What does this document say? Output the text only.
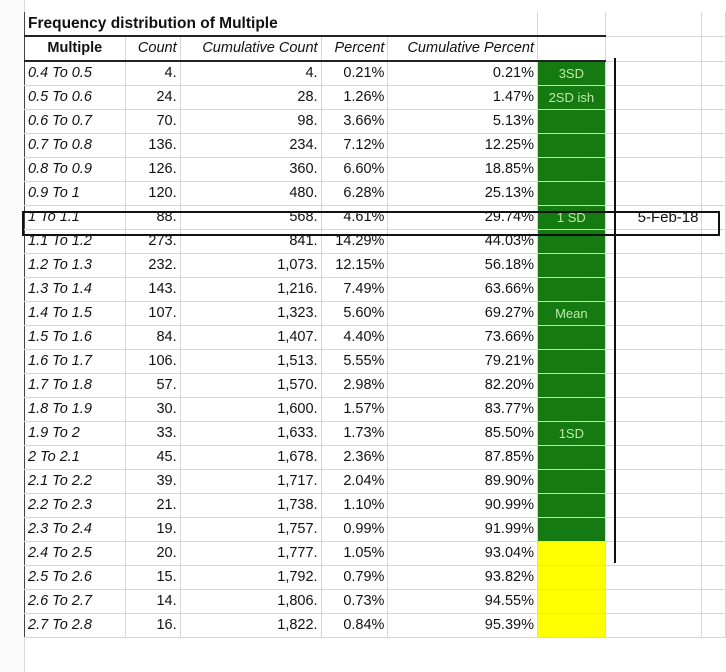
Frequency distribution of Multiple							
Multiple	Count	Cumulative Count	Percent	Cumulative Percent			
0.4 To 0.5	4.	4.	0.21%	0.21%	3SD		
0.5 To 0.6	24.	28.	1.26%	1.47%	2SD ish		
0.6 To 0.7	70.	98.	3.66%	5.13%			
0.7 To 0.8	136.	234.	7.12%	12.25%			
0.8 To 0.9	126.	360.	6.60%	18.85%			
0.9 To 1	120.	480.	6.28%	25.13%			
1 To 1.1	88.	568.	4.61%	29.74%	1 SD	5-Feb-18	
1.1 To 1.2	273.	841.	14.29%	44.03%			
1.2 To 1.3	232.	1,073.	12.15%	56.18%			
1.3 To 1.4	143.	1,216.	7.49%	63.66%			
1.4 To 1.5	107.	1,323.	5.60%	69.27%	Mean		
1.5 To 1.6	84.	1,407.	4.40%	73.66%			
1.6 To 1.7	106.	1,513.	5.55%	79.21%			
1.7 To 1.8	57.	1,570.	2.98%	82.20%			
1.8 To 1.9	30.	1,600.	1.57%	83.77%			
1.9 To 2	33.	1,633.	1.73%	85.50%	1SD		
2 To 2.1	45.	1,678.	2.36%	87.85%			
2.1 To 2.2	39.	1,717.	2.04%	89.90%			
2.2 To 2.3	21.	1,738.	1.10%	90.99%			
2.3 To 2.4	19.	1,757.	0.99%	91.99%			
2.4 To 2.5	20.	1,777.	1.05%	93.04%			
2.5 To 2.6	15.	1,792.	0.79%	93.82%			
2.6 To 2.7	14.	1,806.	0.73%	94.55%			
2.7 To 2.8	16.	1,822.	0.84%	95.39%			
